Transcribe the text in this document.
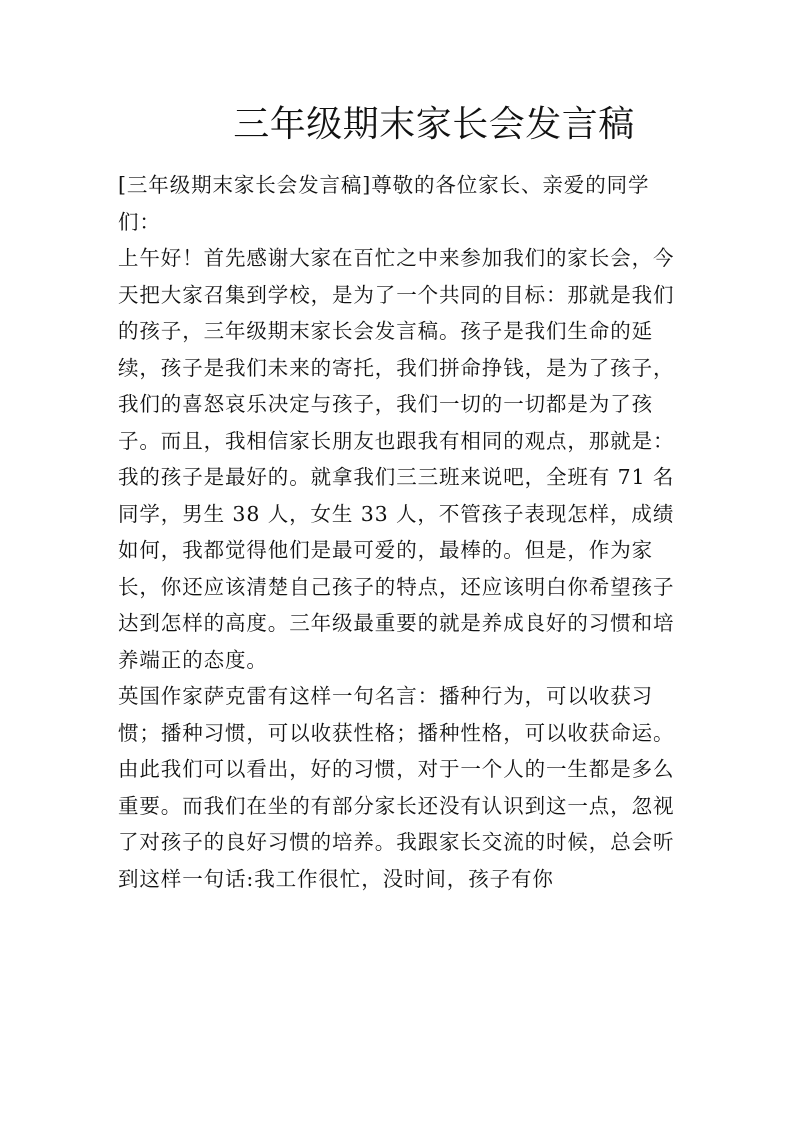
三年级期末家长会发言稿

[三年级期末家长会发言稿]尊敬的各位家长、亲爱的同学们：

上午好！首先感谢大家在百忙之中来参加我们的家长会，今天把大家召集到学校，是为了一个共同的目标：那就是我们的孩子，三年级期末家长会发言稿。孩子是我们生命的延续，孩子是我们未来的寄托，我们拼命挣钱，是为了孩子，我们的喜怒哀乐决定与孩子，我们一切的一切都是为了孩子。而且，我相信家长朋友也跟我有相同的观点，那就是：我的孩子是最好的。就拿我们三三班来说吧，全班有 71 名同学，男生 38 人，女生 33 人，不管孩子表现怎样，成绩如何，我都觉得他们是最可爱的，最棒的。但是，作为家长，你还应该清楚自己孩子的特点，还应该明白你希望孩子达到怎样的高度。三年级最重要的就是养成良好的习惯和培养端正的态度。

英国作家萨克雷有这样一句名言：播种行为，可以收获习惯；播种习惯，可以收获性格；播种性格，可以收获命运。由此我们可以看出，好的习惯，对于一个人的一生都是多么重要。而我们在坐的有部分家长还没有认识到这一点，忽视了对孩子的良好习惯的培养。我跟家长交流的时候，总会听到这样一句话:我工作很忙，没时间，孩子有你
